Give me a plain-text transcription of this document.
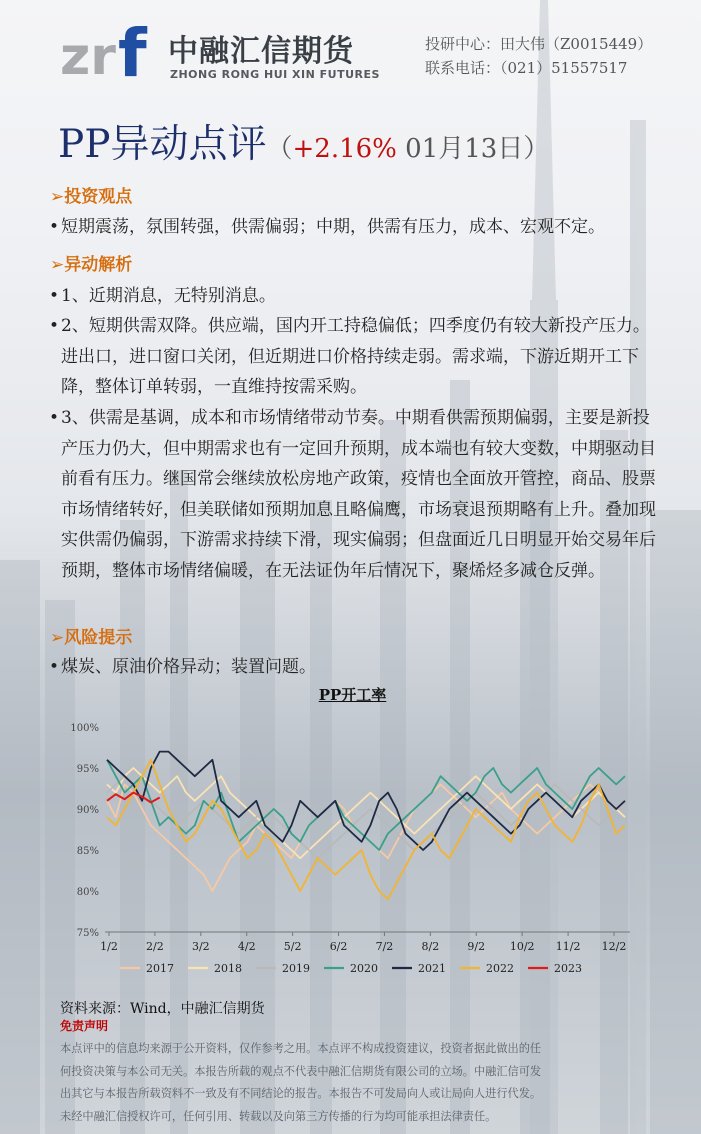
zr f 中融汇信期货
ZHONG RONG HUI XIN FUTURES
投研中心：田大伟（Z0015449）
联系电话：（021）51557517
PP异动点评（+2.16% 01月13日）
➢投资观点
• 短期震荡，氛围转强，供需偏弱；中期，供需有压力，成本、宏观不定。
➢异动解析
• 1、近期消息，无特别消息。
• 2、短期供需双降。供应端，国内开工持稳偏低；四季度仍有较大新投产压力。进出口，进口窗口关闭，但近期进口价格持续走弱。需求端，下游近期开工下降，整体订单转弱，一直维持按需采购。
• 3、供需是基调，成本和市场情绪带动节奏。中期看供需预期偏弱，主要是新投产压力仍大，但中期需求也有一定回升预期，成本端也有较大变数，中期驱动目前看有压力。继国常会继续放松房地产政策，疫情也全面放开管控，商品、股票市场情绪转好，但美联储如预期加息且略偏鹰，市场衰退预期略有上升。叠加现实供需仍偏弱，下游需求持续下滑，现实偏弱；但盘面近几日明显开始交易年后预期，整体市场情绪偏暖，在无法证伪年后情况下，聚烯烃多减仓反弹。
➢风险提示
• 煤炭、原油价格异动；装置问题。
PP开工率
100%
95%
90%
85%
80%
75%
1/2	2/2	3/2	4/2	5/2	6/2	7/2	8/2	9/2 10/2 11/2 12/2
2017	2018	2019	2020	2021	2022	2023
资料来源：Wind，中融汇信期货
免责声明
本点评中的信息均来源于公开资料，仅作参考之用。本点评不构成投资建议，投资者据此做出的任
何投资决策与本公司无关。本报告所载的观点不代表中融汇信期货有限公司的立场。中融汇信可发
出其它与本报告所载资料不一致及有不同结论的报告。本报告不可发局向人或让局向人进行代发。
未经中融汇信授权许可，任何引用、转载以及向第三方传播的行为均可能承担法律责任。
